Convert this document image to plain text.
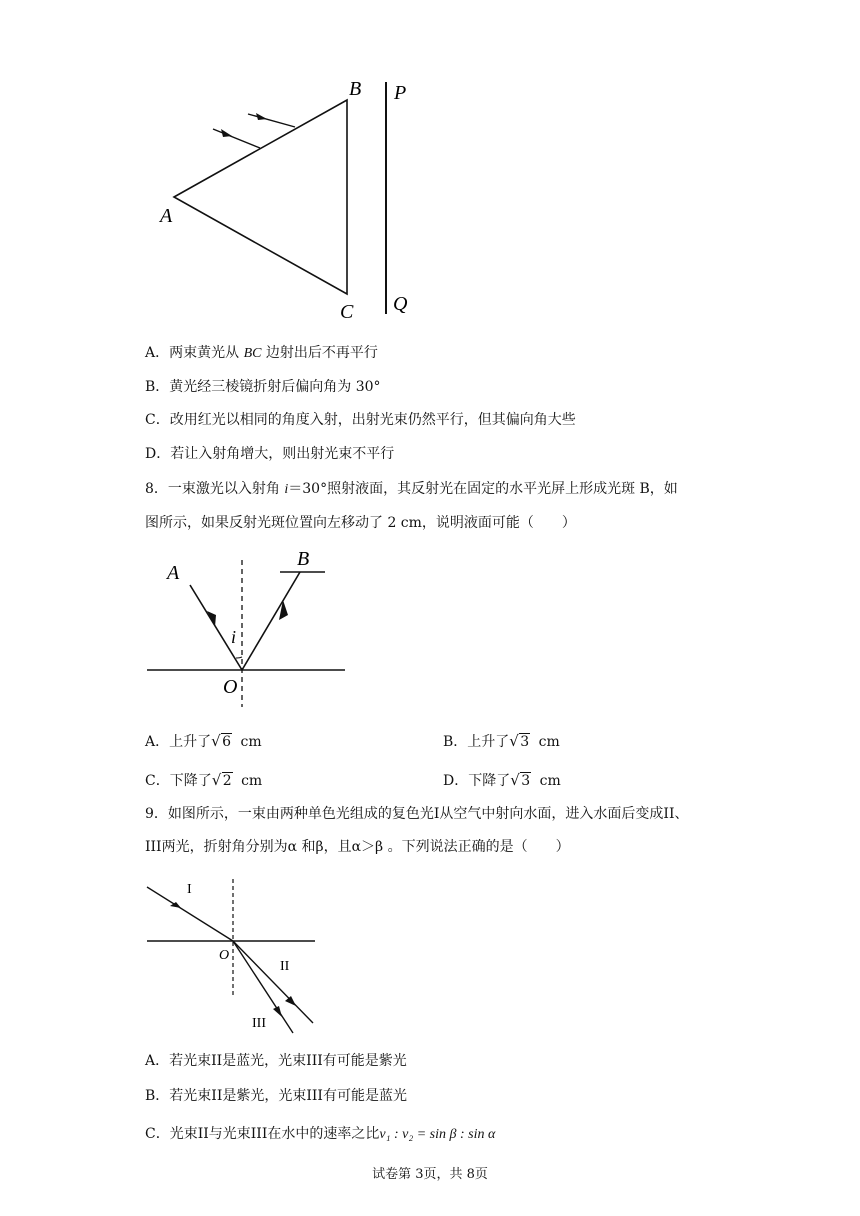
A
B
C
P
Q
A．两束黄光从 BC 边射出后不再平行
B．黄光经三棱镜折射后偏向角为 30°
C．改用红光以相同的角度入射，出射光束仍然平行，但其偏向角大些
D．若让入射角增大，则出射光束不平行
8．一束激光以入射角 i＝30°照射液面，其反射光在固定的水平光屏上形成光斑 B，如
图所示，如果反射光斑位置向左移动了 2 cm，说明液面可能（　　）
A
B
i
O
A．上升了 √ 6 cm	B．上升了 √ 3 cm
C．下降了 √ 2 cm	D．下降了 √ 3 cm
9．如图所示，一束由两种单色光组成的复色光I从空气中射向水面，进入水面后变成II、
III两光，折射角分别为α 和β，且α＞β 。下列说法正确的是（　　）
I
O
II
III
A．若光束II是蓝光，光束III有可能是紫光
B．若光束II是紫光，光束III有可能是蓝光
C．光束II与光束III在水中的速率之比v₁ : v₂ = sin β : sin α
试卷第 3页，共 8页
